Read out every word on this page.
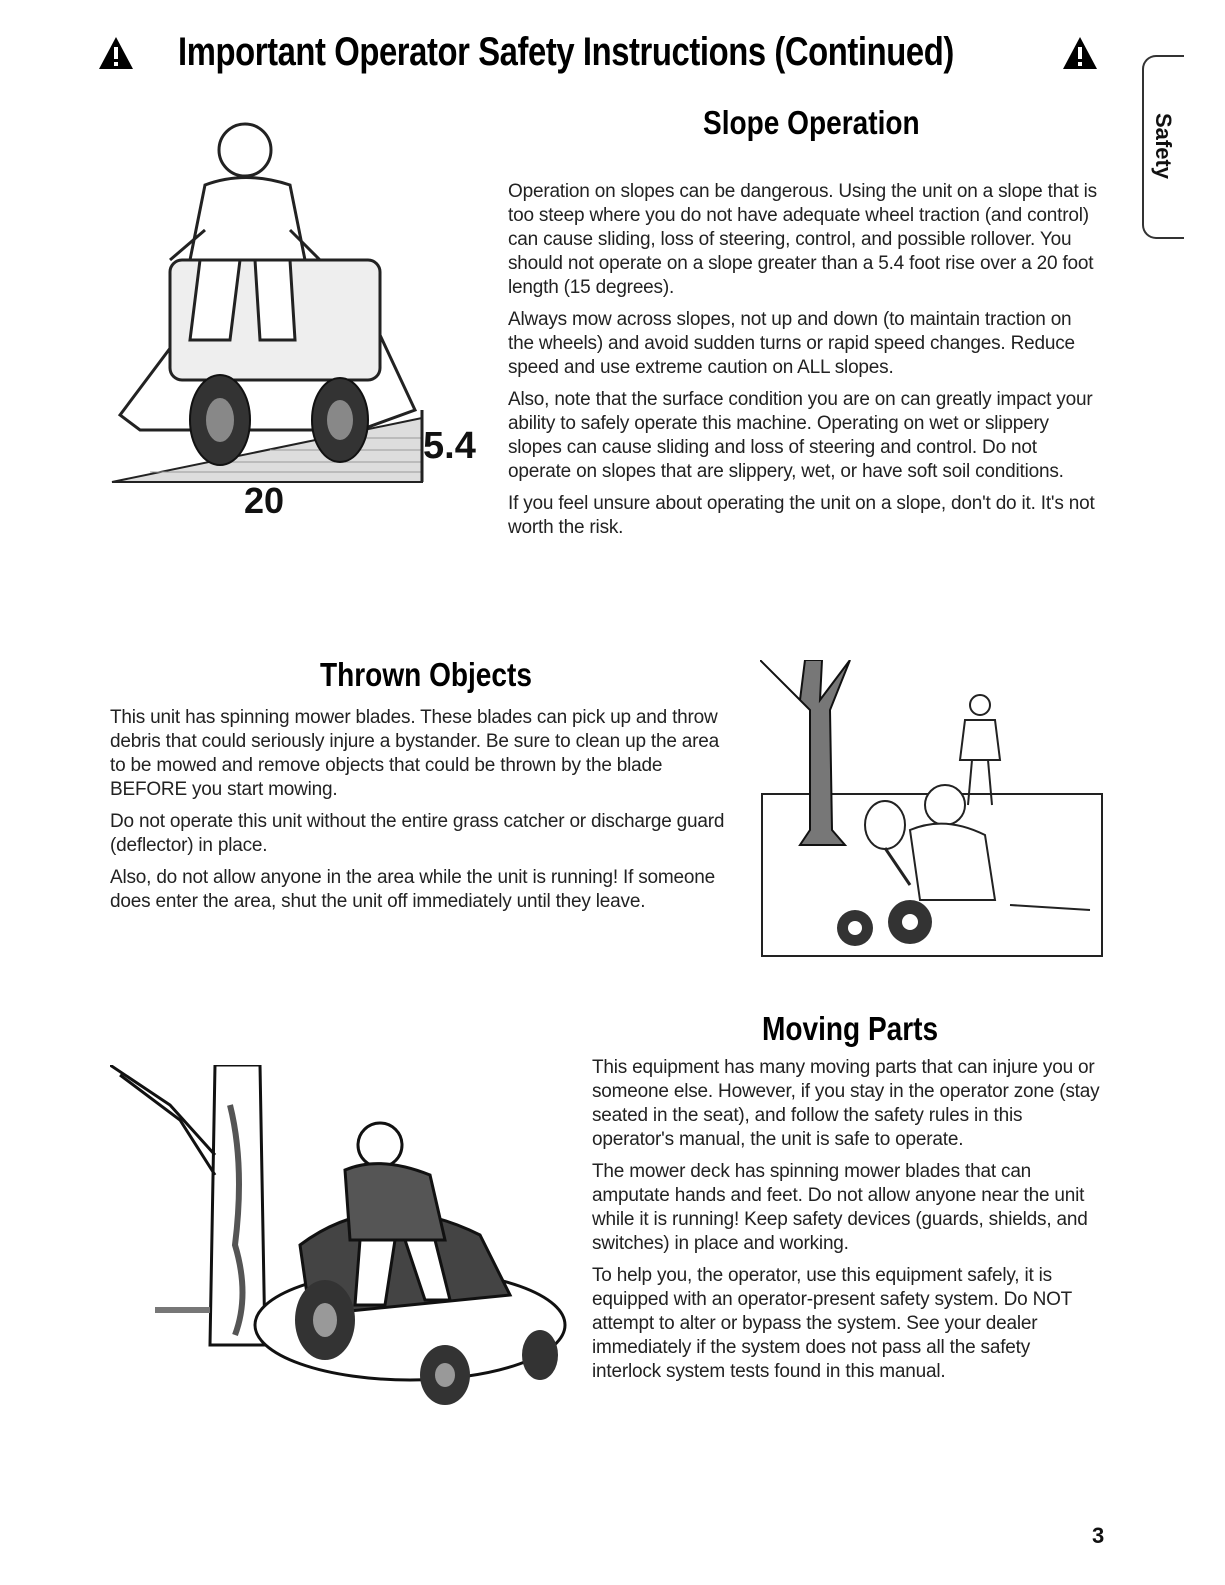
Important Operator Safety Instructions (Continued)
Safety
5.4
20
Slope Operation

Operation on slopes can be dangerous. Using the unit on a slope that is too steep where you do not have adequate wheel traction (and control) can cause sliding, loss of steering, control, and possible rollover. You should not operate on a slope greater than a 5.4 foot rise over a 20 foot length (15 degrees).

Always mow across slopes, not up and down (to maintain traction on the wheels) and avoid sudden turns or rapid speed changes. Reduce speed and use extreme caution on ALL slopes.

Also, note that the surface condition you are on can greatly impact your ability to safely operate this machine. Operating on wet or slippery slopes can cause sliding and loss of steering and control. Do not operate on slopes that are slippery, wet, or have soft soil conditions.

If you feel unsure about operating the unit on a slope, don't do it. It's not worth the risk.

Thrown Objects

This unit has spinning mower blades. These blades can pick up and throw debris that could seriously injure a bystander. Be sure to clean up the area to be mowed and remove objects that could be thrown by the blade BEFORE you start mowing.

Do not operate this unit without the entire grass catcher or discharge guard (deflector) in place.

Also, do not allow anyone in the area while the unit is running! If someone does enter the area, shut the unit off immediately until they leave.

Moving Parts

This equipment has many moving parts that can injure you or someone else. However, if you stay in the operator zone (stay seated in the seat), and follow the safety rules in this operator's manual, the unit is safe to operate.

The mower deck has spinning mower blades that can amputate hands and feet. Do not allow anyone near the unit while it is running! Keep safety devices (guards, shields, and switches) in place and working.

To help you, the operator, use this equipment safely, it is equipped with an operator-present safety system. Do NOT attempt to alter or bypass the system. See your dealer immediately if the system does not pass all the safety interlock system tests found in this manual.

3
